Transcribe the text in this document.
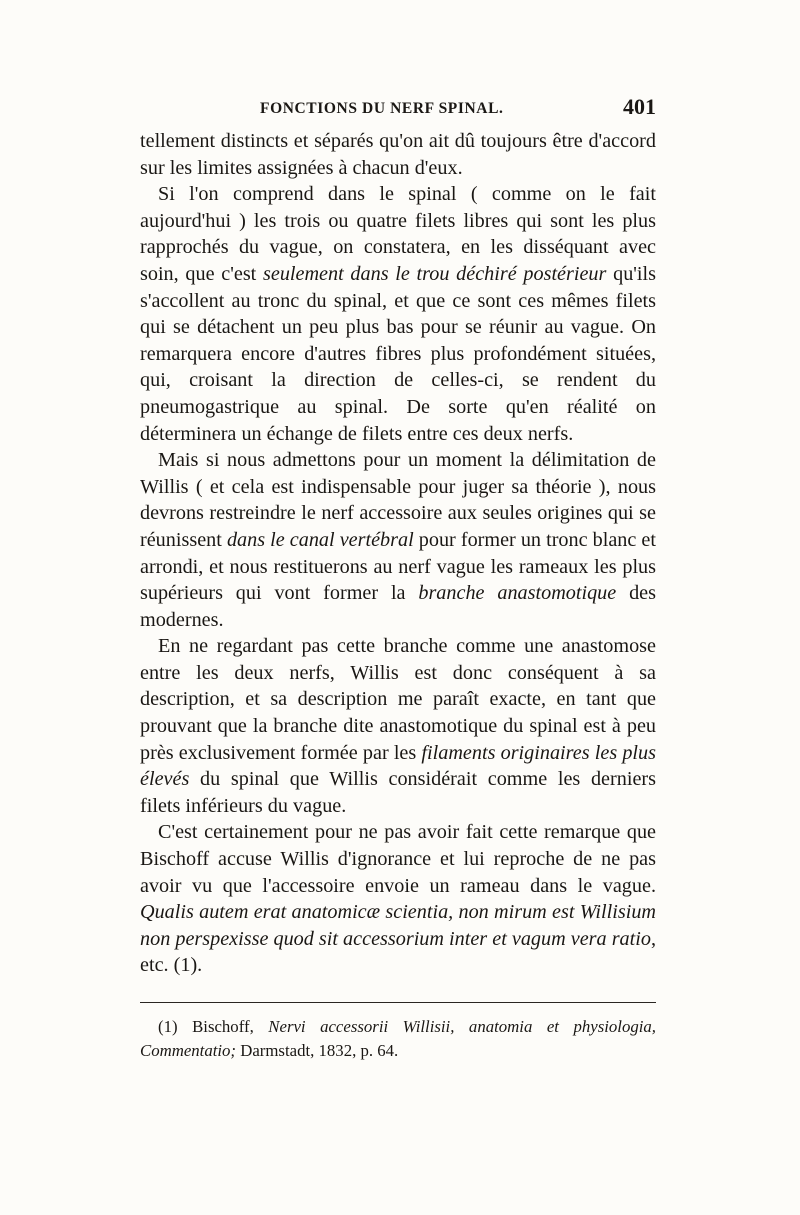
FONCTIONS DU NERF SPINAL.	401

tellement distincts et séparés qu'on ait dû toujours être d'accord sur les limites assignées à chacun d'eux.

Si l'on comprend dans le spinal ( comme on le fait aujourd'hui ) les trois ou quatre filets libres qui sont les plus rapprochés du vague, on constatera, en les disséquant avec soin, que c'est seulement dans le trou déchiré postérieur qu'ils s'accollent au tronc du spinal, et que ce sont ces mêmes filets qui se détachent un peu plus bas pour se réunir au vague. On remarquera encore d'autres fibres plus profondément situées, qui, croisant la direction de celles-ci, se rendent du pneumogastrique au spinal. De sorte qu'en réalité on déterminera un échange de filets entre ces deux nerfs.

Mais si nous admettons pour un moment la délimitation de Willis ( et cela est indispensable pour juger sa théorie ), nous devrons restreindre le nerf accessoire aux seules origines qui se réunissent dans le canal vertébral pour former un tronc blanc et arrondi, et nous restituerons au nerf vague les rameaux les plus supérieurs qui vont former la branche anastomotique des modernes.

En ne regardant pas cette branche comme une anastomose entre les deux nerfs, Willis est donc conséquent à sa description, et sa description me paraît exacte, en tant que prouvant que la branche dite anastomotique du spinal est à peu près exclusivement formée par les filaments originaires les plus élevés du spinal que Willis considérait comme les derniers filets inférieurs du vague.

C'est certainement pour ne pas avoir fait cette remarque que Bischoff accuse Willis d'ignorance et lui reproche de ne pas avoir vu que l'accessoire envoie un rameau dans le vague. Qualis autem erat anatomicæ scientia, non mirum est Willisium non perspexisse quod sit accessorium inter et vagum vera ratio, etc. (1).

(1) Bischoff, Nervi accessorii Willisii, anatomia et physiologia, Commentatio; Darmstadt, 1832, p. 64.
